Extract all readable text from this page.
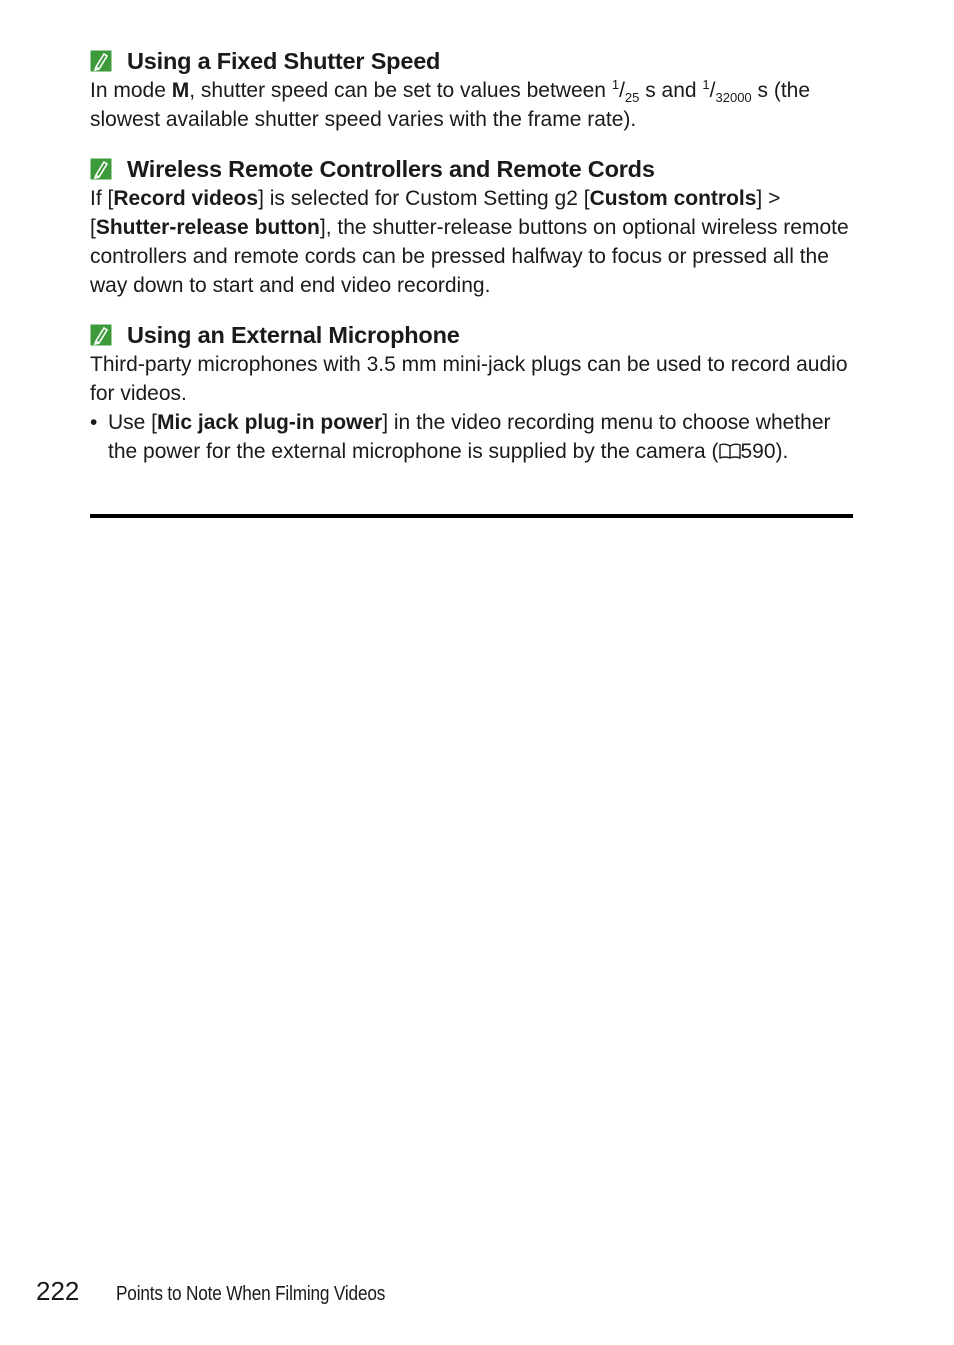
Using a Fixed Shutter Speed

In mode M, shutter speed can be set to values between $^1/_{25}$ s and $^1/_{32000}$ s (the slowest available shutter speed varies with the frame rate).

Wireless Remote Controllers and Remote Cords

If [Record videos] is selected for Custom Setting g2 [Custom controls] > [Shutter-release button], the shutter-release buttons on optional wireless remote controllers and remote cords can be pressed halfway to focus or pressed all the way down to start and end video recording.

Using an External Microphone

Third-party microphones with 3.5 mm mini-jack plugs can be used to record audio for videos.

• Use [Mic jack plug-in power] in the video recording menu to choose whether the power for the external microphone is supplied by the camera ( 590).
222	Points to Note When Filming Videos
